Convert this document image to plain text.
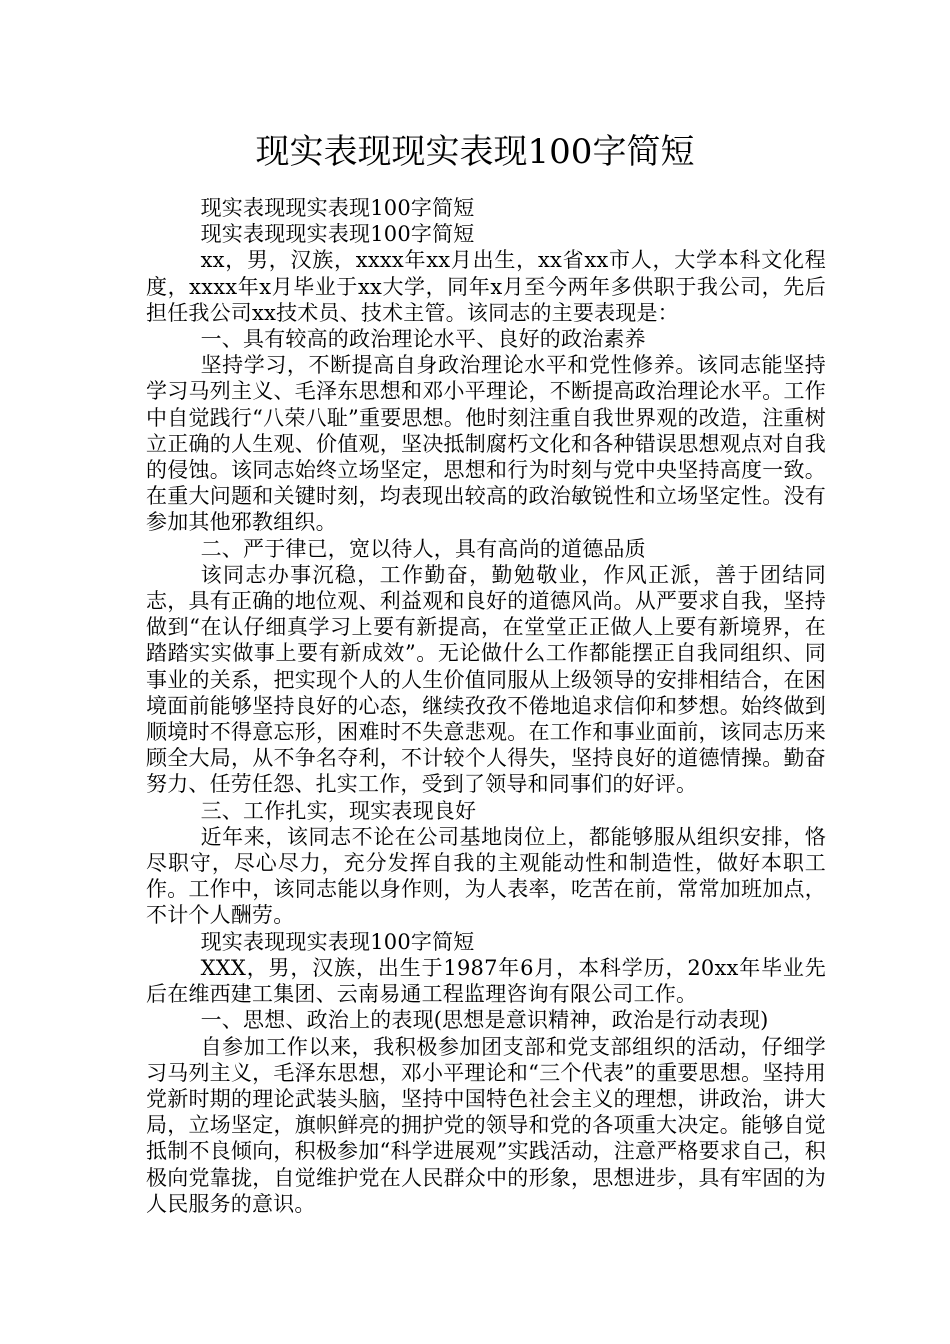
现实表现现实表现100字简短

现实表现现实表现100字简短

现实表现现实表现100字简短

xx，男，汉族，xxxx年xx月出生，xx省xx市人，大学本科文化程度，xxxx年x月毕业于xx大学，同年x月至今两年多供职于我公司，先后担任我公司xx技术员、技术主管。该同志的主要表现是：

一、具有较高的政治理论水平、良好的政治素养

坚持学习，不断提高自身政治理论水平和党性修养。该同志能坚持学习马列主义、毛泽东思想和邓小平理论，不断提高政治理论水平。工作中自觉践行“八荣八耻”重要思想。他时刻注重自我世界观的改造，注重树立正确的人生观、价值观，坚决抵制腐朽文化和各种错误思想观点对自我的侵蚀。该同志始终立场坚定，思想和行为时刻与党中央坚持高度一致。在重大问题和关键时刻，均表现出较高的政治敏锐性和立场坚定性。没有参加其他邪教组织。

二、严于律已，宽以待人，具有高尚的道德品质

该同志办事沉稳，工作勤奋，勤勉敬业，作风正派，善于团结同志，具有正确的地位观、利益观和良好的道德风尚。从严要求自我，坚持做到“在认仔细真学习上要有新提高，在堂堂正正做人上要有新境界，在踏踏实实做事上要有新成效”。无论做什么工作都能摆正自我同组织、同事业的关系，把实现个人的人生价值同服从上级领导的安排相结合，在困境面前能够坚持良好的心态，继续孜孜不倦地追求信仰和梦想。始终做到顺境时不得意忘形，困难时不失意悲观。在工作和事业面前，该同志历来顾全大局，从不争名夺利，不计较个人得失，坚持良好的道德情操。勤奋努力、任劳任怨、扎实工作，受到了领导和同事们的好评。

三、工作扎实，现实表现良好

近年来，该同志不论在公司基地岗位上，都能够服从组织安排，恪尽职守，尽心尽力，充分发挥自我的主观能动性和制造性，做好本职工作。工作中，该同志能以身作则，为人表率，吃苦在前，常常加班加点，不计个人酬劳。

现实表现现实表现100字简短

XXX，男，汉族，出生于1987年6月，本科学历，20xx年毕业先后在维西建工集团、云南易通工程监理咨询有限公司工作。

一、思想、政治上的表现(思想是意识精神，政治是行动表现)

自参加工作以来，我积极参加团支部和党支部组织的活动，仔细学习马列主义，毛泽东思想，邓小平理论和“三个代表”的重要思想。坚持用党新时期的理论武装头脑，坚持中国特色社会主义的理想，讲政治，讲大局，立场坚定，旗帜鲜亮的拥护党的领导和党的各项重大决定。能够自觉抵制不良倾向，积极参加“科学进展观”实践活动，注意严格要求自己，积极向党靠拢，自觉维护党在人民群众中的形象，思想进步，具有牢固的为人民服务的意识。
